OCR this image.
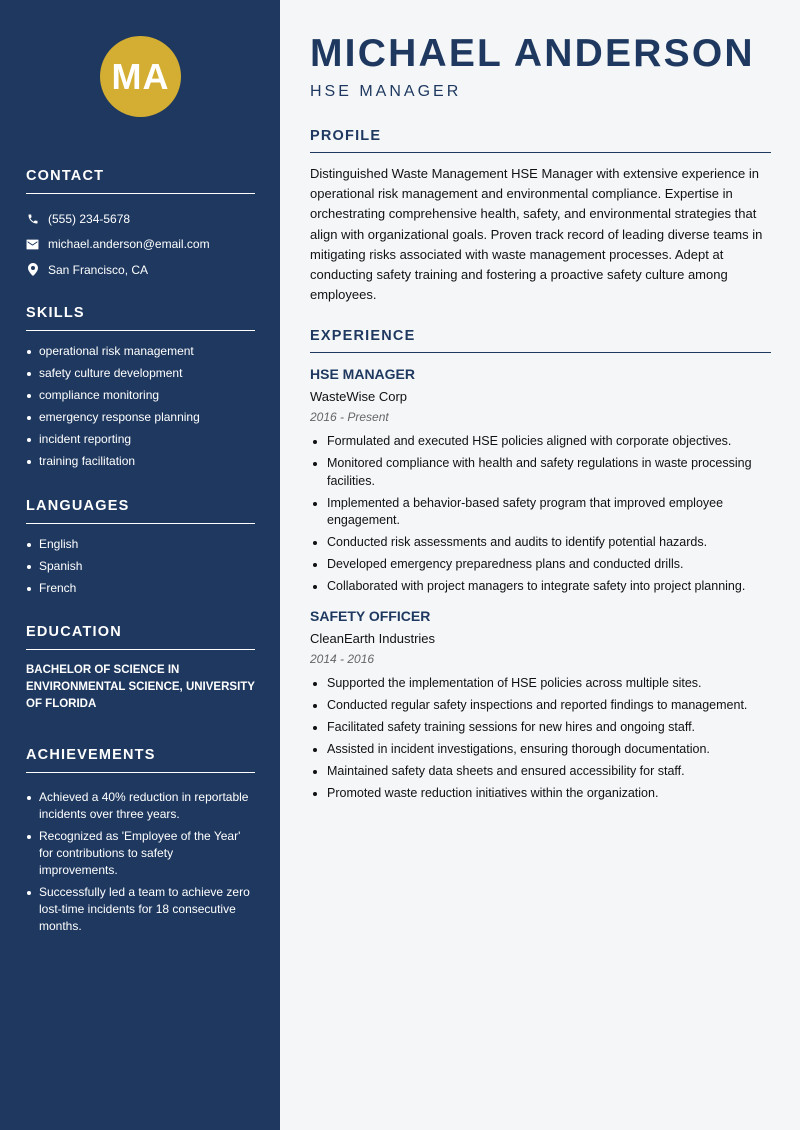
MA
CONTACT
(555) 234-5678
michael.anderson@email.com
San Francisco, CA
SKILLS
operational risk management
safety culture development
compliance monitoring
emergency response planning
incident reporting
training facilitation
LANGUAGES
English
Spanish
French
EDUCATION
BACHELOR OF SCIENCE IN ENVIRONMENTAL SCIENCE, UNIVERSITY OF FLORIDA
ACHIEVEMENTS
Achieved a 40% reduction in reportable incidents over three years.
Recognized as 'Employee of the Year' for contributions to safety improvements.
Successfully led a team to achieve zero lost-time incidents for 18 consecutive months.
MICHAEL ANDERSON
HSE MANAGER
PROFILE
Distinguished Waste Management HSE Manager with extensive experience in operational risk management and environmental compliance. Expertise in orchestrating comprehensive health, safety, and environmental strategies that align with organizational goals. Proven track record of leading diverse teams in mitigating risks associated with waste management processes. Adept at conducting safety training and fostering a proactive safety culture among employees.
EXPERIENCE
HSE MANAGER
WasteWise Corp
2016 - Present
Formulated and executed HSE policies aligned with corporate objectives.
Monitored compliance with health and safety regulations in waste processing facilities.
Implemented a behavior-based safety program that improved employee engagement.
Conducted risk assessments and audits to identify potential hazards.
Developed emergency preparedness plans and conducted drills.
Collaborated with project managers to integrate safety into project planning.
SAFETY OFFICER
CleanEarth Industries
2014 - 2016
Supported the implementation of HSE policies across multiple sites.
Conducted regular safety inspections and reported findings to management.
Facilitated safety training sessions for new hires and ongoing staff.
Assisted in incident investigations, ensuring thorough documentation.
Maintained safety data sheets and ensured accessibility for staff.
Promoted waste reduction initiatives within the organization.
